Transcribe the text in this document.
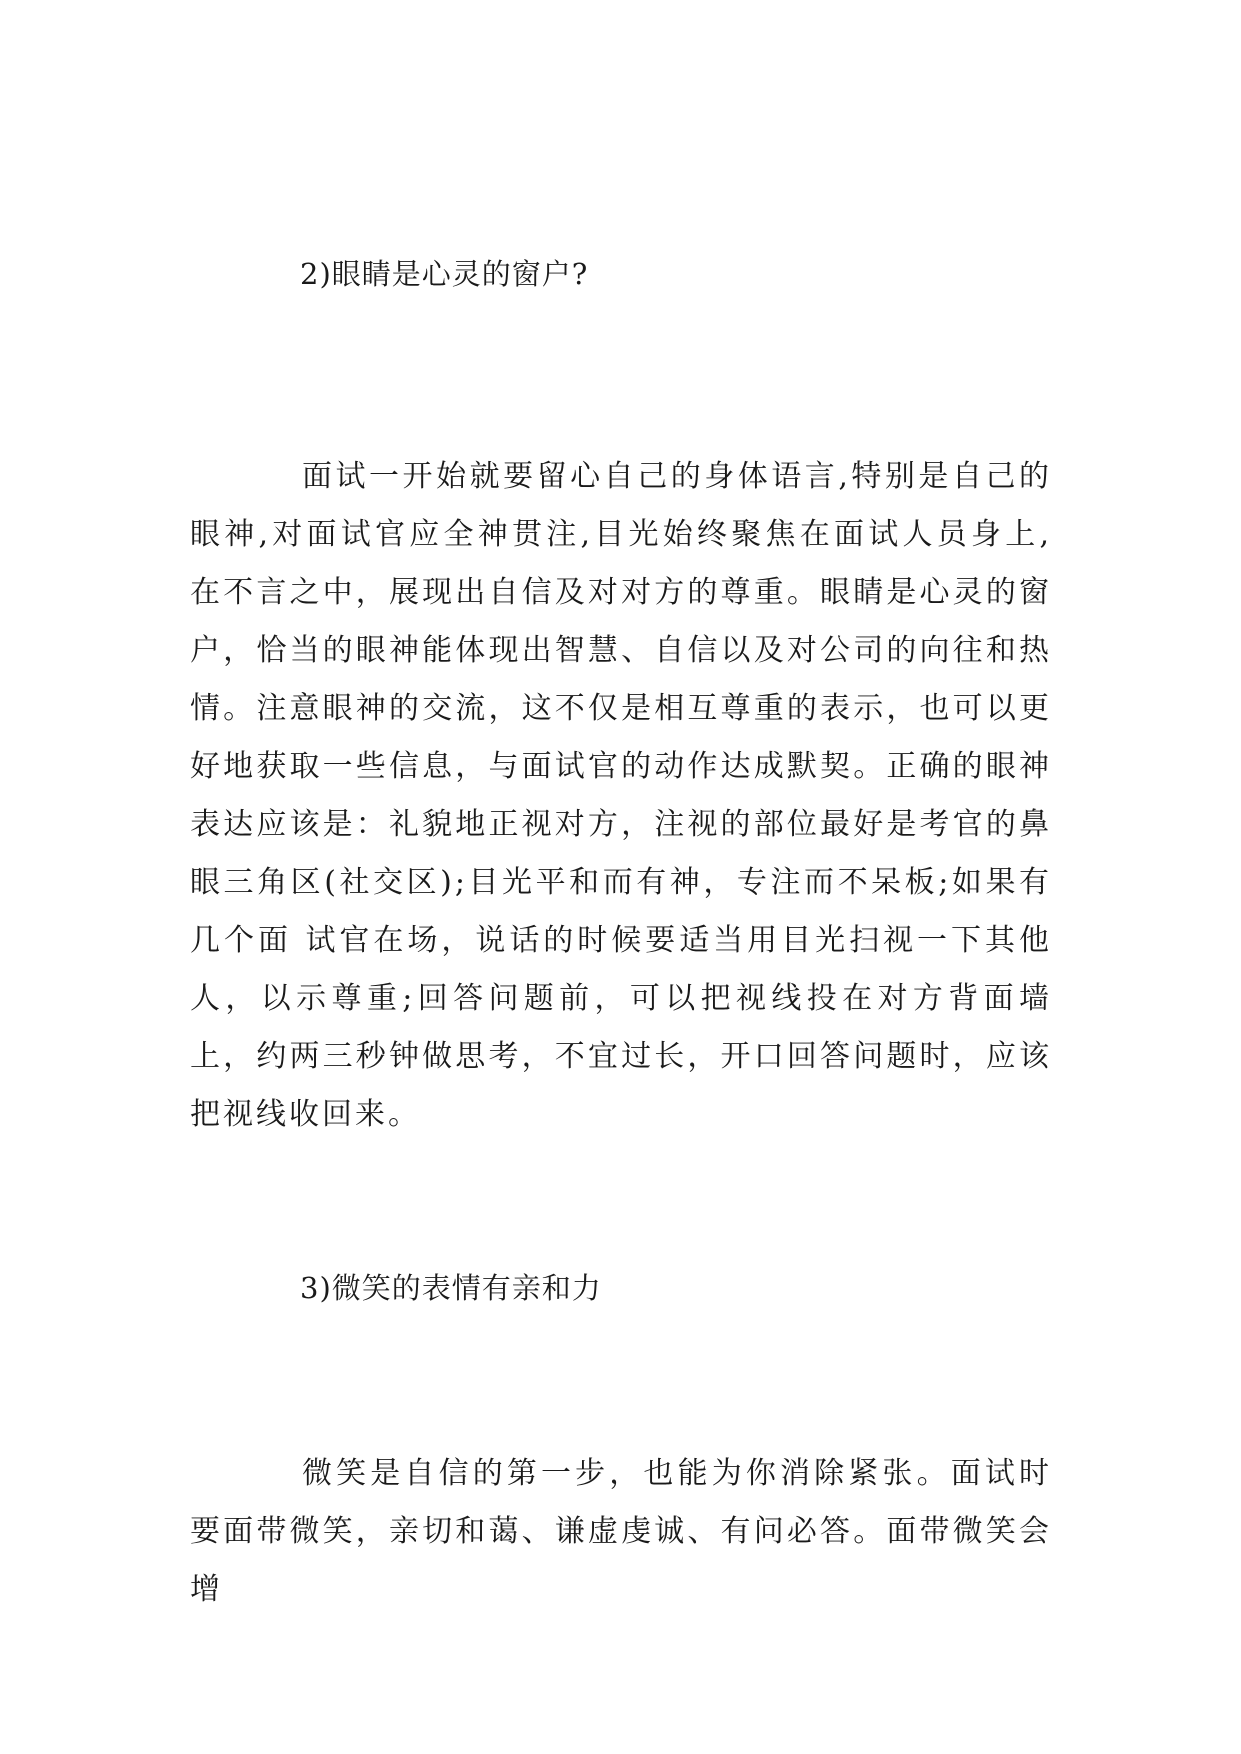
2)眼睛是心灵的窗户?

面试一开始就要留心自己的身体语言,特别是自己的眼神,对面试官应全神贯注,目光始终聚焦在面试人员身上,在不言之中，展现出自信及对对方的尊重。眼睛是心灵的窗户，恰当的眼神能体现出智慧、自信以及对公司的向往和热情。注意眼神的交流，这不仅是相互尊重的表示，也可以更好地获取一些信息，与面试官的动作达成默契。正确的眼神表达应该是：礼貌地正视对方，注视的部位最好是考官的鼻眼三角区(社交区);目光平和而有神，专注而不呆板;如果有几个面 试官在场，说话的时候要适当用目光扫视一下其他人，以示尊重;回答问题前，可以把视线投在对方背面墙上，约两三秒钟做思考，不宜过长，开口回答问题时，应该把视线收回来。

3)微笑的表情有亲和力

微笑是自信的第一步，也能为你消除紧张。面试时要面带微笑，亲切和蔼、谦虚虔诚、有问必答。面带微笑会增
